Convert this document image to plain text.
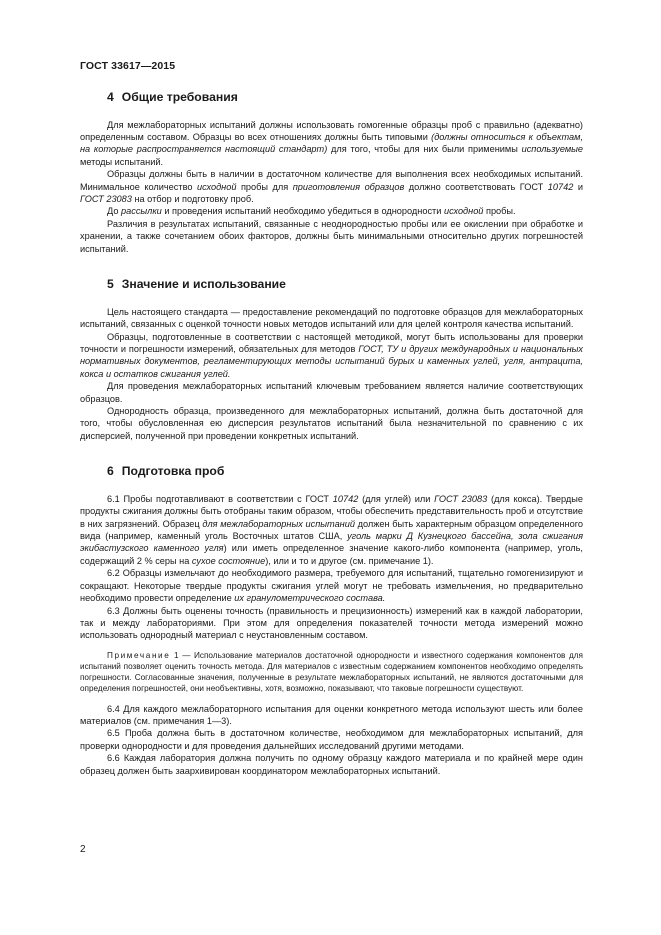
ГОСТ 33617—2015
4 Общие требования

Для межлабораторных испытаний должны использовать гомогенные образцы проб с правильно (адекватно) определенным составом. Образцы во всех отношениях должны быть типовыми (должны относиться к объектам, на которые распространяется настоящий стандарт) для того, чтобы для них были применимы используемые методы испытаний.

Образцы должны быть в наличии в достаточном количестве для выполнения всех необходимых испытаний. Минимальное количество исходной пробы для приготовления образцов должно соответствовать ГОСТ 10742 и ГОСТ 23083 на отбор и подготовку проб.

До рассылки и проведения испытаний необходимо убедиться в однородности исходной пробы.

Различия в результатах испытаний, связанные с неоднородностью пробы или ее окислении при обработке и хранении, а также сочетанием обоих факторов, должны быть минимальными относительно других погрешностей испытаний.

5 Значение и использование

Цель настоящего стандарта — предоставление рекомендаций по подготовке образцов для межлабораторных испытаний, связанных с оценкой точности новых методов испытаний или для целей контроля качества испытаний.

Образцы, подготовленные в соответствии с настоящей методикой, могут быть использованы для проверки точности и погрешности измерений, обязательных для методов ГОСТ, ТУ и других международных и национальных нормативных документов, регламентирующих методы испытаний бурых и каменных углей, угля, антрацита, кокса и остатков сжигания углей.

Для проведения межлабораторных испытаний ключевым требованием является наличие соответствующих образцов.

Однородность образца, произведенного для межлабораторных испытаний, должна быть достаточной для того, чтобы обусловленная ею дисперсия результатов испытаний была незначительной по сравнению с их дисперсией, полученной при проведении конкретных испытаний.

6 Подготовка проб

6.1 Пробы подготавливают в соответствии с ГОСТ 10742 (для углей) или ГОСТ 23083 (для кокса). Твердые продукты сжигания должны быть отобраны таким образом, чтобы обеспечить представительность проб и отсутствие в них загрязнений. Образец для межлабораторных испытаний должен быть характерным образцом определенного вида (например, каменный уголь Восточных штатов США, уголь марки Д Кузнецкого бассейна, зола сжигания экибастузского каменного угля) или иметь определенное значение какого-либо компонента (например, уголь, содержащий 2 % серы на сухое состояние), или и то и другое (см. примечание 1).

6.2 Образцы измельчают до необходимого размера, требуемого для испытаний, тщательно гомогенизируют и сокращают. Некоторые твердые продукты сжигания углей могут не требовать измельчения, но предварительно необходимо провести определение их гранулометрического состава.

6.3 Должны быть оценены точность (правильность и прецизионность) измерений как в каждой лаборатории, так и между лабораториями. При этом для определения показателей точности метода измерений можно использовать однородный материал с неустановленным составом.

Примечание 1 — Использование материалов достаточной однородности и известного содержания компонентов для испытаний позволяет оценить точность метода. Для материалов с известным содержанием компонентов необходимо определять погрешности. Согласованные значения, полученные в результате межлабораторных испытаний, не являются достаточными для определения погрешностей, они необъективны, хотя, возможно, показывают, что таковые погрешности существуют.

6.4 Для каждого межлабораторного испытания для оценки конкретного метода используют шесть или более материалов (см. примечания 1—3).

6.5 Проба должна быть в достаточном количестве, необходимом для межлабораторных испытаний, для проверки однородности и для проведения дальнейших исследований другими методами.

6.6 Каждая лаборатория должна получить по одному образцу каждого материала и по крайней мере один образец должен быть заархивирован координатором межлабораторных испытаний.

2
